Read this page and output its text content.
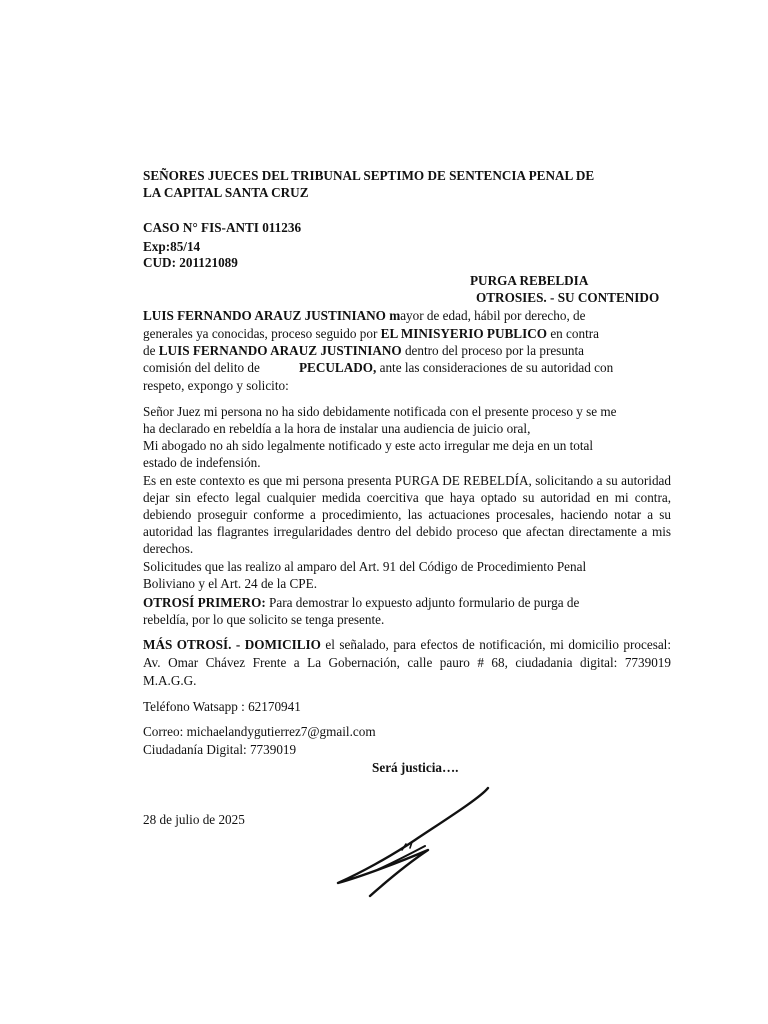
SEÑORES JUECES DEL TRIBUNAL SEPTIMO DE SENTENCIA PENAL DE
LA CAPITAL SANTA CRUZ
CASO N° FIS-ANTI 011236
Exp:85/14
CUD: 201121089
PURGA REBELDIA
OTROSIES. - SU CONTENIDO
LUIS FERNANDO ARAUZ JUSTINIANO mayor de edad, hábil por derecho, de
generales ya conocidas, proceso seguido por EL MINISYERIO PUBLICO en contra
de LUIS FERNANDO ARAUZ JUSTINIANO dentro del proceso por la presunta
comisión del delito de	PECULADO, ante las consideraciones de su autoridad con
respeto, expongo y solicito:
Señor Juez mi persona no ha sido debidamente notificada con el presente proceso y se me
ha declarado en rebeldía a la hora de instalar una audiencia de juicio oral,
Mi abogado no ah sido legalmente notificado y este acto irregular me deja en un total
estado de indefensión.
Es en este contexto es que mi persona presenta PURGA DE REBELDÍA, solicitando a su autoridad dejar sin efecto legal cualquier medida coercitiva que haya optado su autoridad en mi contra, debiendo proseguir conforme a procedimiento, las actuaciones procesales, haciendo notar a su autoridad las flagrantes irregularidades dentro del debido proceso que afectan directamente a mis derechos.
Solicitudes que las realizo al amparo del Art. 91 del Código de Procedimiento Penal
Boliviano y el Art. 24 de la CPE.
OTROSÍ PRIMERO: Para demostrar lo expuesto adjunto formulario de purga de
rebeldía, por lo que solicito se tenga presente.
MÁS OTROSÍ. - DOMICILIO el señalado, para efectos de notificación, mi domicilio procesal: Av. Omar Chávez Frente a La Gobernación, calle pauro # 68, ciudadania digital: 7739019 M.A.G.G.
Teléfono Watsapp : 62170941
Correo: michaelandygutierrez7@gmail.com
Ciudadanía Digital: 7739019
Será justicia….
28 de julio de 2025
